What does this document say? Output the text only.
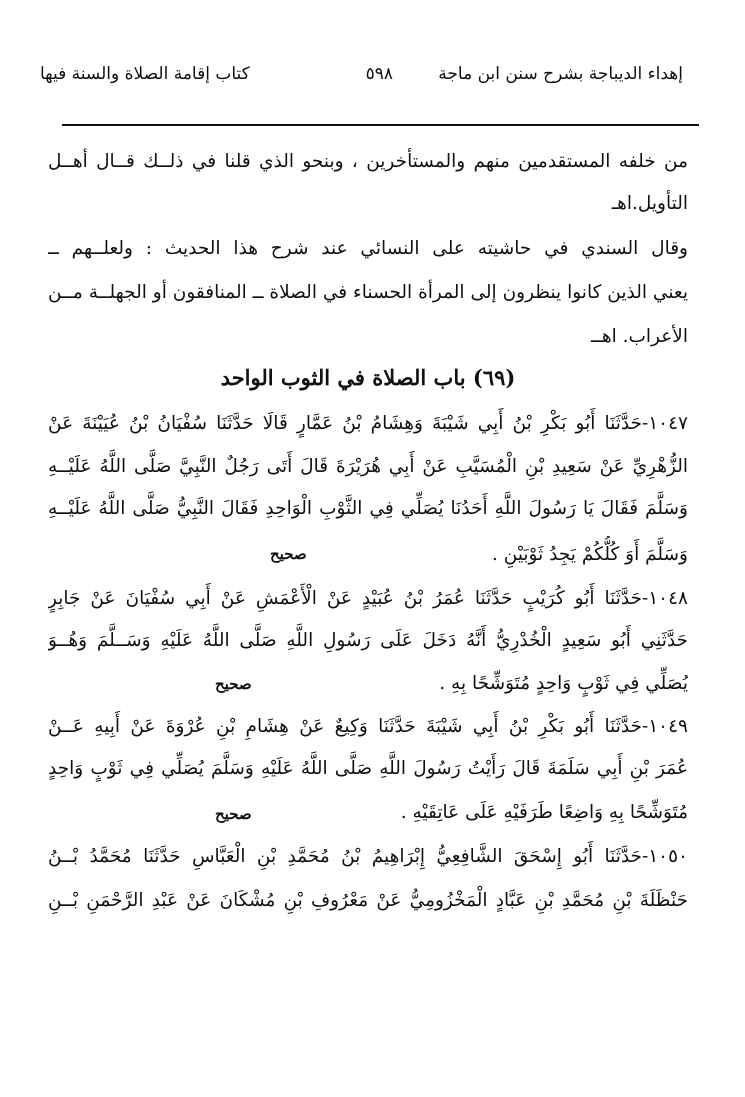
إهداء الديباجة بشرح سنن ابن ماجة
٥٩٨
كتاب إقامة الصلاة والسنة فيها
من خلفه المستقدمين منهم والمستأخرين ، وبنحو الذي قلنا في ذلــك قــال أهــل
التأويل.اهـ
وقال السندي في حاشيته على النسائي عند شرح هذا الحديث : ولعلــهم ــ
يعني الذين كانوا ينظرون إلى المرأة الحسناء في الصلاة ــ المنافقون أو الجهلــة مــن
الأعراب. اهــ
(٦٩) باب الصلاة في الثوب الواحد
١٠٤٧-حَدَّثَنَا أَبُو بَكْرِ بْنُ أَبِي شَيْبَةَ وَهِشَامُ بْنُ عَمَّارٍ قَالَا حَدَّثَنَا سُفْيَانُ بْنُ عُيَيْنَةَ عَنْ
الزُّهْرِيِّ عَنْ سَعِيدِ بْنِ الْمُسَيَّبِ عَنْ أَبِي هُرَيْرَةَ قَالَ أَتَى رَجُلٌ النَّبِيَّ صَلَّى اللَّهُ عَلَيْــهِ
وَسَلَّمَ فَقَالَ يَا رَسُولَ اللَّهِ أَحَدُنَا يُصَلِّي فِي الثَّوْبِ الْوَاحِدِ فَقَالَ النَّبِيُّ صَلَّى اللَّهُ عَلَيْــهِ
وَسَلَّمَ أَوَ كُلُّكُمْ يَجِدُ ثَوْبَيْنِ .
صحيح
١٠٤٨-حَدَّثَنَا أَبُو كُرَيْبٍ حَدَّثَنَا عُمَرُ بْنُ عُبَيْدٍ عَنْ الْأَعْمَشِ عَنْ أَبِي سُفْيَانَ عَنْ جَابِرٍ
حَدَّثَنِي أَبُو سَعِيدٍ الْخُدْرِيُّ أَنَّهُ دَخَلَ عَلَى رَسُولِ اللَّهِ صَلَّى اللَّهُ عَلَيْهِ وَسَــلَّمَ وَهُــوَ
يُصَلِّي فِي ثَوْبٍ وَاحِدٍ مُتَوَشِّحًا بِهِ .
صحيح
١٠٤٩-حَدَّثَنَا أَبُو بَكْرِ بْنُ أَبِي شَيْبَةَ حَدَّثَنَا وَكِيعٌ عَنْ هِشَامِ بْنِ عُرْوَةَ عَنْ أَبِيهِ عَــنْ
عُمَرَ بْنِ أَبِي سَلَمَةَ قَالَ رَأَيْتُ رَسُولَ اللَّهِ صَلَّى اللَّهُ عَلَيْهِ وَسَلَّمَ يُصَلِّي فِي ثَوْبٍ وَاحِدٍ
مُتَوَشِّحًا بِهِ وَاضِعًا طَرَفَيْهِ عَلَى عَاتِقَيْهِ .
صحيح
١٠٥٠-حَدَّثَنَا أَبُو إِسْحَقَ الشَّافِعِيُّ إِبْرَاهِيمُ بْنُ مُحَمَّدِ بْنِ الْعَبَّاسِ حَدَّثَنَا مُحَمَّدُ بْــنُ
حَنْظَلَةَ بْنِ مُحَمَّدِ بْنِ عَبَّادٍ الْمَخْزُومِيُّ عَنْ مَعْرُوفِ بْنِ مُشْكَانَ عَنْ عَبْدِ الرَّحْمَنِ بْــنِ
